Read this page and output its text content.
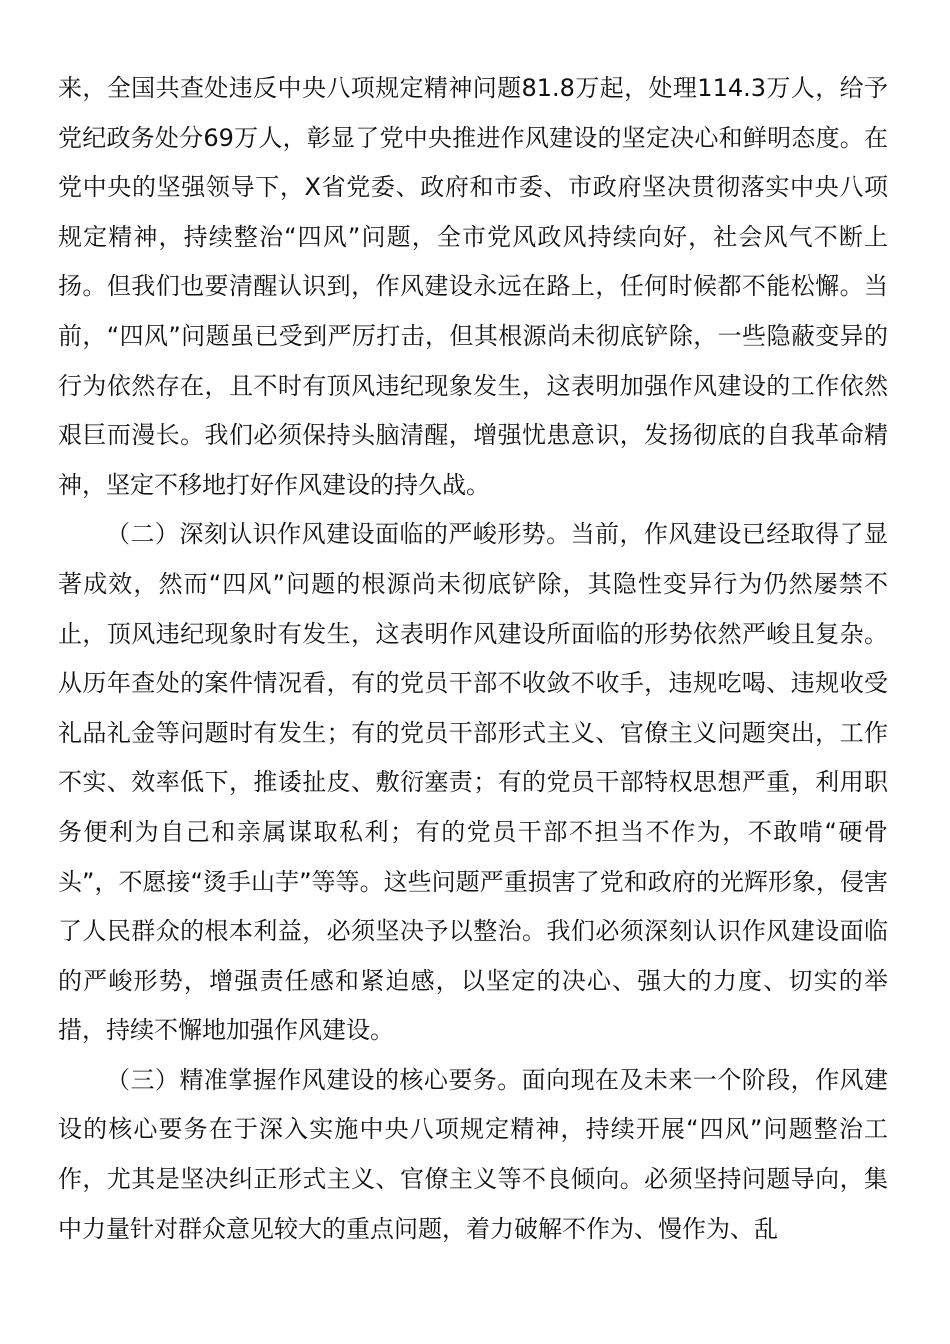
来，全国共查处违反中央八项规定精神问题81.8万起，处理114.3万人，给予党纪政务处分69万人，彰显了党中央推进作风建设的坚定决心和鲜明态度。在党中央的坚强领导下，X省党委、政府和市委、市政府坚决贯彻落实中央八项规定精神，持续整治“四风”问题，全市党风政风持续向好，社会风气不断上扬。但我们也要清醒认识到，作风建设永远在路上，任何时候都不能松懈。当前，“四风”问题虽已受到严厉打击，但其根源尚未彻底铲除，一些隐蔽变异的行为依然存在，且不时有顶风违纪现象发生，这表明加强作风建设的工作依然艰巨而漫长。我们必须保持头脑清醒，增强忧患意识，发扬彻底的自我革命精神，坚定不移地打好作风建设的持久战。

（二）深刻认识作风建设面临的严峻形势。当前，作风建设已经取得了显著成效，然而“四风”问题的根源尚未彻底铲除，其隐性变异行为仍然屡禁不止，顶风违纪现象时有发生，这表明作风建设所面临的形势依然严峻且复杂。从历年查处的案件情况看，有的党员干部不收敛不收手，违规吃喝、违规收受礼品礼金等问题时有发生；有的党员干部形式主义、官僚主义问题突出，工作不实、效率低下，推诿扯皮、敷衍塞责；有的党员干部特权思想严重，利用职务便利为自己和亲属谋取私利；有的党员干部不担当不作为，不敢啃“硬骨头”，不愿接“烫手山芋”等等。这些问题严重损害了党和政府的光辉形象，侵害了人民群众的根本利益，必须坚决予以整治。我们必须深刻认识作风建设面临的严峻形势，增强责任感和紧迫感，以坚定的决心、强大的力度、切实的举措，持续不懈地加强作风建设。

（三）精准掌握作风建设的核心要务。面向现在及未来一个阶段，作风建设的核心要务在于深入实施中央八项规定精神，持续开展“四风”问题整治工作，尤其是坚决纠正形式主义、官僚主义等不良倾向。必须坚持问题导向，集中力量针对群众意见较大的重点问题，着力破解不作为、慢作为、乱
